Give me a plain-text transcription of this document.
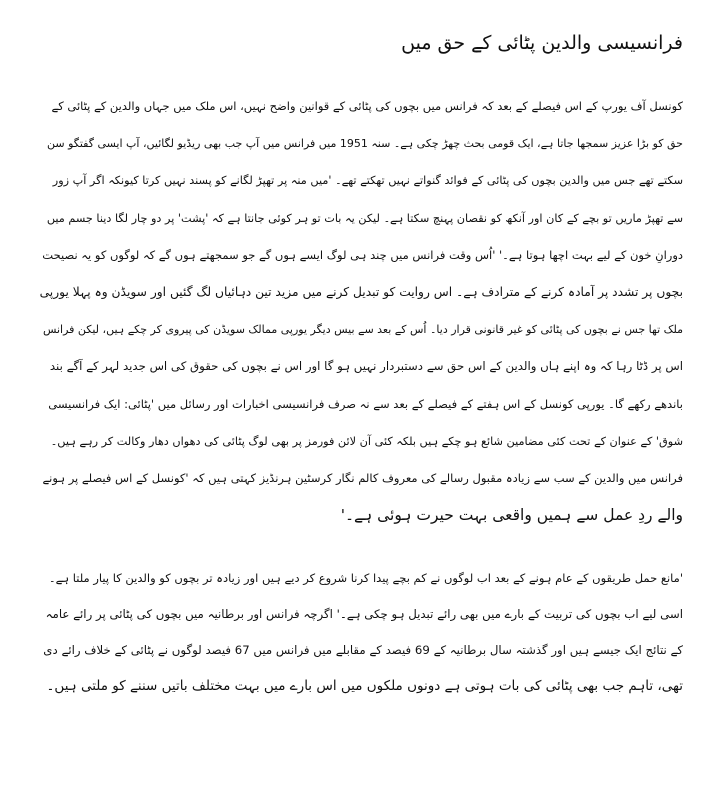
فرانسیسی والدین پٹائی کے حق میں
کونسل آف یورپ کے اس فیصلے کے بعد کہ فرانس میں بچوں کی پٹائی کے قوانین واضح نہیں، اس ملک میں جہاں والدین کے پٹائی کے
حق کو بڑا عزیز سمجھا جاتا ہے، ایک قومی بحث چھڑ چکی ہے۔ سنہ 1951 میں فرانس میں آپ جب بھی ریڈیو لگائیں، آپ ایسی گفتگو سن
سکتے تھے جس میں والدین بچوں کی پٹائی کے فوائد گنواتے نہیں تھکتے تھے۔ 'میں منہ پر تھپڑ لگانے کو پسند نہیں کرتا کیونکہ اگر آپ زور
سے تھپڑ ماریں تو بچے کے کان اور آنکھ کو نقصان پہنچ سکتا ہے۔ لیکن یہ بات تو ہر کوئی جانتا ہے کہ 'پشت' پر دو چار لگا دینا جسم میں
دورانِ خون کے لیے بہت اچھا ہوتا ہے۔' 'اُس وقت فرانس میں چند ہی لوگ ایسے ہوں گے جو سمجھتے ہوں گے کہ لوگوں کو یہ نصیحت
بچوں پر تشدد پر آمادہ کرنے کے مترادف ہے۔ اس روایت کو تبدیل کرنے میں مزید تین دہائیاں لگ گئیں اور سویڈن وہ پہلا یورپی
ملک تھا جس نے بچوں کی پٹائی کو غیر قانونی قرار دیا۔ اُس کے بعد سے بیس دیگر یورپی ممالک سویڈن کی پیروی کر چکے ہیں، لیکن فرانس
اس پر ڈٹا رہا کہ وہ اپنے ہاں والدین کے اس حق سے دستبردار نہیں ہو گا اور اس نے بچوں کی حقوق کی اس جدید لہر کے آگے بند
باندھے رکھے گا۔ یورپی کونسل کے اس ہفتے کے فیصلے کے بعد سے نہ صرف فرانسیسی اخبارات اور رسائل میں 'پٹائی: ایک فرانسیسی
شوق' کے عنوان کے تحت کئی مضامین شائع ہو چکے ہیں بلکہ کئی آن لائن فورمز پر بھی لوگ پٹائی کی دھواں دھار وکالت کر رہے ہیں۔
فرانس میں والدین کے سب سے زیادہ مقبول رسالے کی معروف کالم نگار کرسٹین ہرنڈیز کہتی ہیں کہ 'کونسل کے اس فیصلے پر ہونے
والے ردِ عمل سے ہمیں واقعی بہت حیرت ہوئی ہے۔'
'مانع حمل طریقوں کے عام ہونے کے بعد اب لوگوں نے کم بچے پیدا کرنا شروع کر دیے ہیں اور زیادہ تر بچوں کو والدین کا پیار ملتا ہے۔
اسی لیے اب بچوں کی تربیت کے بارے میں بھی رائے تبدیل ہو چکی ہے۔' اگرچہ فرانس اور برطانیہ میں بچوں کی پٹائی پر رائے عامہ
کے نتائج ایک جیسے ہیں اور گذشتہ سال برطانیہ کے 69 فیصد کے مقابلے میں فرانس میں 67 فیصد لوگوں نے پٹائی کے خلاف رائے دی
تھی، تاہم جب بھی پٹائی کی بات ہوتی ہے دونوں ملکوں میں اس بارے میں بہت مختلف باتیں سننے کو ملتی ہیں۔
